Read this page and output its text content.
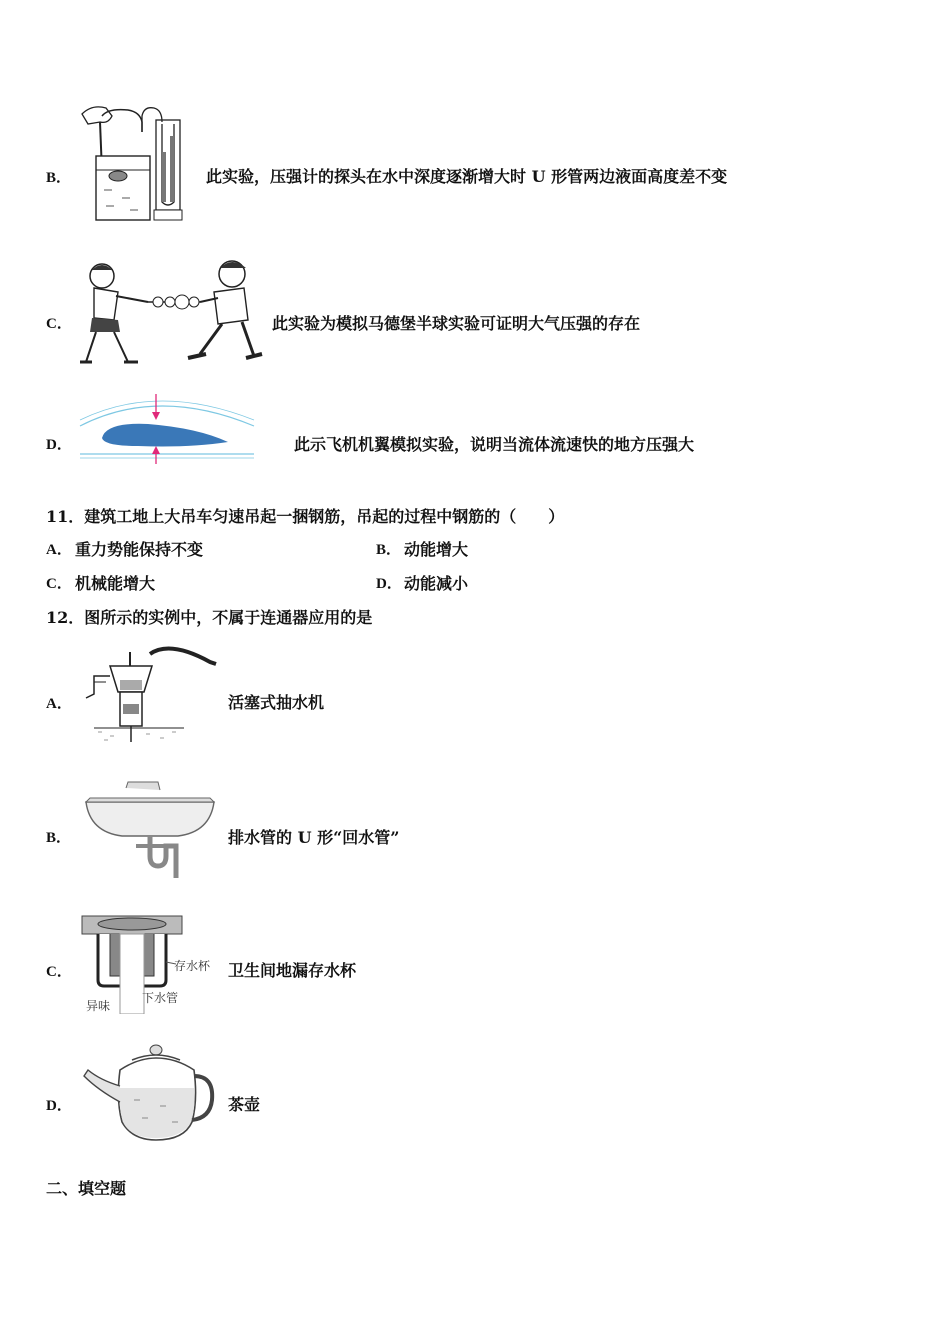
B．	此实验，压强计的探头在水中深度逐渐增大时 U 形管两边液面高度差不变
C．	此实验为模拟马德堡半球实验可证明大气压强的存在
D．	此示飞机机翼模拟实验，说明当流体流速快的地方压强大
11．建筑工地上大吊车匀速吊起一捆钢筋，吊起的过程中钢筋的（　　）
A． 重力势能保持不变	B． 动能增大
C． 机械能增大	D． 动能减小
12．图所示的实例中，不属于连通器应用的是
A．	活塞式抽水机
B．	排水管的 U 形“回水管”
C．	存水杯
异味
下水管
卫生间地漏存水杯
D．	茶壶
二、填空题
